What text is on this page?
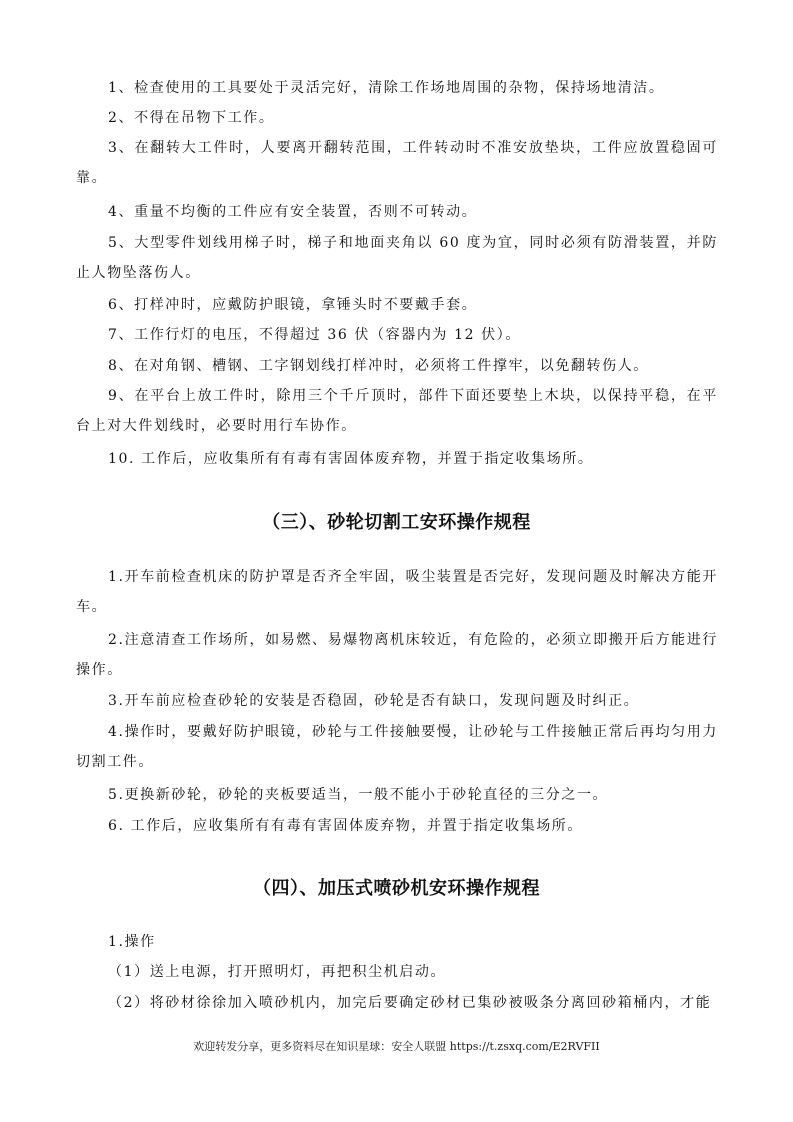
1、检查使用的工具要处于灵活完好，清除工作场地周围的杂物，保持场地清洁。
2、不得在吊物下工作。
3、在翻转大工件时，人要离开翻转范围，工件转动时不准安放垫块，工件应放置稳固可靠。
4、重量不均衡的工件应有安全装置，否则不可转动。
5、大型零件划线用梯子时，梯子和地面夹角以 60 度为宜，同时必须有防滑装置，并防止人物坠落伤人。
6、打样冲时，应戴防护眼镜，拿锤头时不要戴手套。
7、工作行灯的电压，不得超过 36 伏（容器内为 12 伏）。
8、在对角钢、槽钢、工字钢划线打样冲时，必须将工件撑牢，以免翻转伤人。
9、在平台上放工件时，除用三个千斤顶时，部件下面还要垫上木块，以保持平稳，在平台上对大件划线时，必要时用行车协作。
10. 工作后，应收集所有有毒有害固体废弃物，并置于指定收集场所。
（三）、砂轮切割工安环操作规程
1.开车前检查机床的防护罩是否齐全牢固，吸尘装置是否完好，发现问题及时解决方能开车。
2.注意清查工作场所，如易燃、易爆物离机床较近，有危险的，必须立即搬开后方能进行操作。
3.开车前应检查砂轮的安装是否稳固，砂轮是否有缺口，发现问题及时纠正。
4.操作时，要戴好防护眼镜，砂轮与工件接触要慢，让砂轮与工件接触正常后再均匀用力切割工件。
5.更换新砂轮，砂轮的夹板要适当，一般不能小于砂轮直径的三分之一。
6. 工作后，应收集所有有毒有害固体废弃物，并置于指定收集场所。
（四）、加压式喷砂机安环操作规程
1.操作
（1）送上电源，打开照明灯，再把积尘机启动。
（2）将砂材徐徐加入喷砂机内，加完后要确定砂材已集砂被吸条分离回砂箱桶内，才能
欢迎转发分享，更多资料尽在知识星球：安全人联盟 https://t.zsxq.com/E2RVFII
